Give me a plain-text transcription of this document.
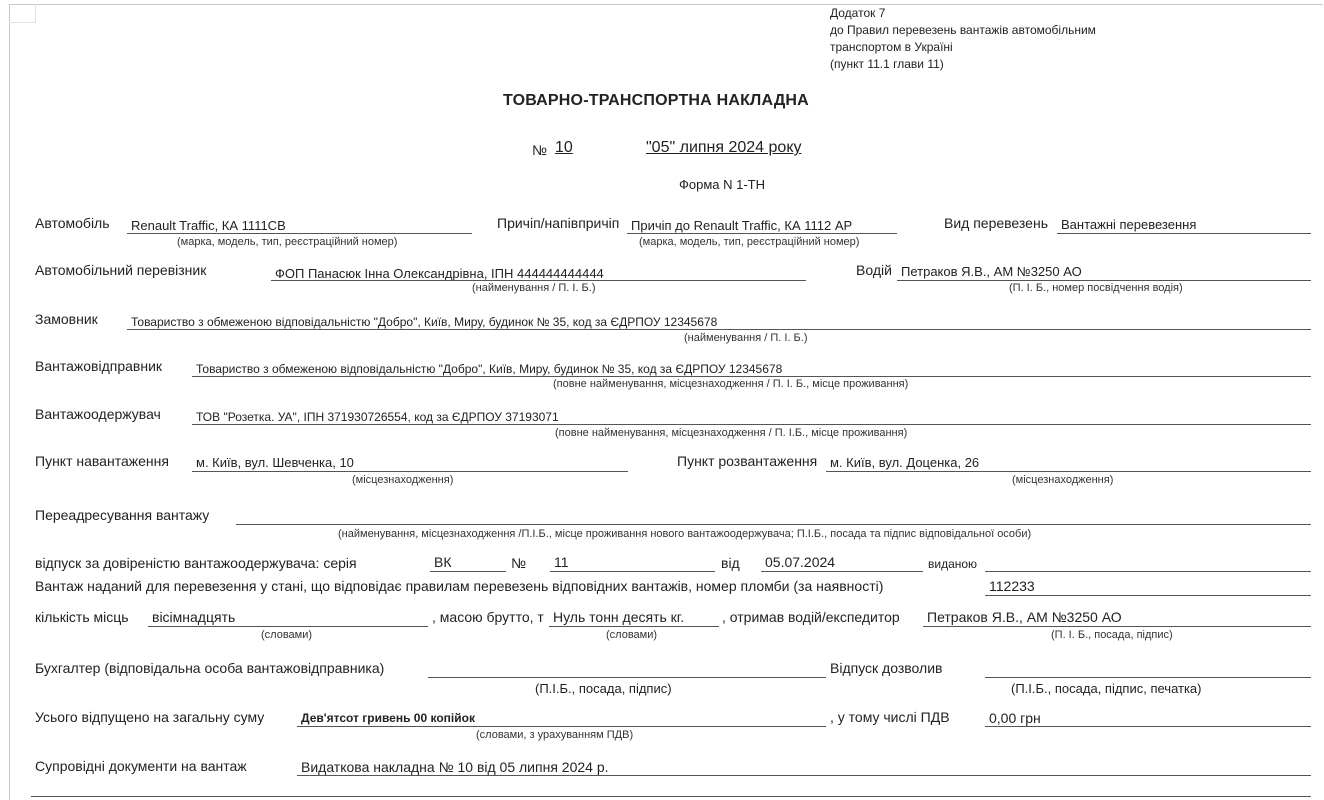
Додаток 7
до Правил перевезень вантажів автомобільним
транспортом в Україні
(пункт 11.1 глави 11)
ТОВАРНО-ТРАНСПОРТНА НАКЛАДНА
№ 10	"05" липня 2024 року
Форма N 1-ТН
Автомобіль Renault Traffic, КА 1111СВ
(марка, модель, тип, реєстраційний номер)
Причіп/напівпричіп Причіп до Renault Traffic, КА 1112 АР
(марка, модель, тип, реєстраційний номер)
Вид перевезень Вантажні перевезення
Автомобільний перевізник	ФОП Панасюк Інна Олександрівна, ІПН 444444444444
(найменування / П. І. Б.)
Водій Петраков Я.В., АМ №3250 АО
(П. І. Б., номер посвідчення водія)
Замовник	Товариство з обмеженою відповідальністю "Добро", Київ, Миру, будинок № 35, код за ЄДРПОУ 12345678
(найменування / П. І. Б.)
Вантажовідправник	Товариство з обмеженою відповідальністю "Добро", Київ, Миру, будинок № 35, код за ЄДРПОУ 12345678
(повне найменування, місцезнаходження / П. І. Б., місце проживання)
Вантажоодержувач	ТОВ "Розетка. УА", ІПН 371930726554, код за ЄДРПОУ 37193071
(повне найменування, місцезнаходження / П. І.Б., місце проживання)
Пункт навантаження м. Київ, вул. Шевченка, 10
(місцезнаходження)
Пункт розвантаження м. Київ, вул. Доценка, 26
(місцезнаходження)
Переадресування вантажу
(найменування, місцезнаходження /П.І.Б., місце проживання нового вантажоодержувача; П.І.Б., посада та підпис відповідальної особи)
відпуск за довіреністю вантажоодержувача: серія	ВК	№ 11	від 05.07.2024	виданою
Вантаж наданий для перевезення у стані, що відповідає правилам перевезень відповідних вантажів, номер пломби (за наявності)	112233
кількість місць вісімнадцять
(словами)
, масою брутто, т Нуль тонн десять кг.
(словами)
, отримав водій/експедитор Петраков Я.В., АМ №3250 АО
(П. І. Б., посада, підпис)
Бухгалтер (відповідальна особа вантажовідправника)
(П.І.Б., посада, підпис)
Відпуск дозволив
(П.І.Б., посада, підпис, печатка)
Усього відпущено на загальну суму	Дев'ятсот гривень 00 копійок
(словами, з урахуванням ПДВ)
, у тому числі ПДВ	0,00 грн
Супровідні документи на вантаж	Видаткова накладна № 10 від 05 липня 2024 р.
